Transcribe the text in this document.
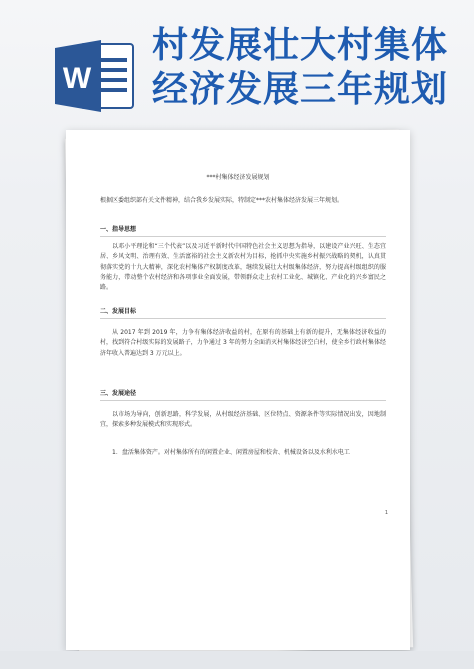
W
村发展壮大村集体
经济发展三年规划
***村集体经济发展规划
根据区委组织部有关文件精神，结合我乡发展实际，特制定***农村集体经济发展三年规划。
一、指导思想
以邓小平理论和“三个代表”以及习近平新时代中国特色社会主义思想为指导，以建设产业兴旺、生态宜居、乡风文明、治理有效、生活富裕的社会主义新农村为目标，抢抓中央实施乡村振兴战略的契机，认真贯彻落实党的十九大精神，深化农村集体产权制度改革，继续发展壮大村级集体经济，努力提高村级组织的服务能力，带动整个农村经济和各项事业全面发展，带领群众走上农村工业化、城镇化、产业化的兴乡富民之路。
二、发展目标
从 2017 年到 2019 年，力争有集体经济收益的村，在原有的基础上有新的提升，无集体经济收益的村，找到符合村级实际的发展路子，力争通过 3 年的努力全面消灭村集体经济空白村，使全乡行政村集体经济年收入普遍达到 3 万元以上。
三、发展途径
以市场为导向，创新思路，科学发展，从村级经济基础、区位特点、资源条件等实际情况出发，因地制宜，探索多种发展模式和实现形式。
1．盘活集体资产。对村集体所有的闲置企业、闲置房屋和校舍、机械设备以及水利水电工
1
